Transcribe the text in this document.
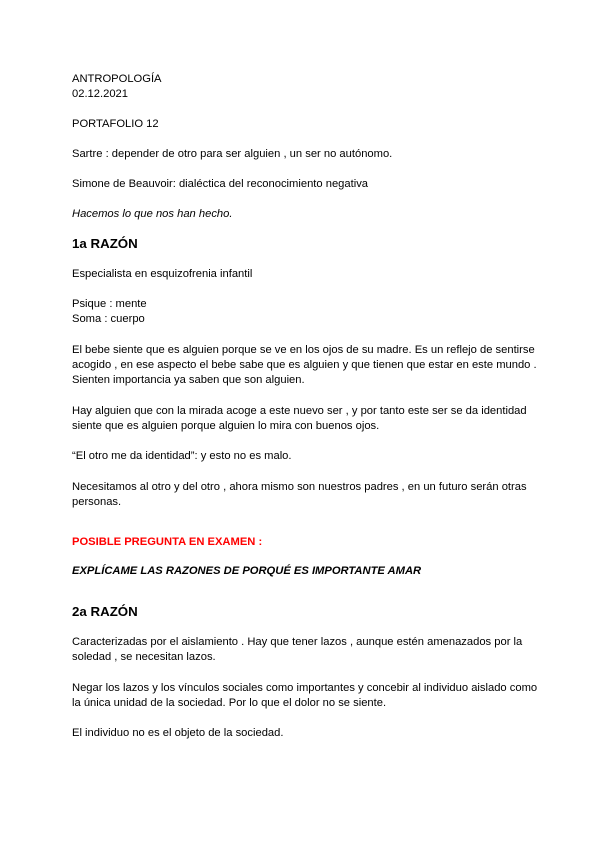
ANTROPOLOGÍA

02.12.2021

PORTAFOLIO 12

Sartre : depender de otro para ser alguien , un ser no autónomo.

Simone de Beauvoir: dialéctica del reconocimiento negativa

Hacemos lo que nos han hecho.

1a RAZÓN

Especialista en esquizofrenia infantil

Psique : mente

Soma : cuerpo

El bebe siente que es alguien porque se ve en los ojos de su madre. Es un reflejo de sentirse acogido , en ese aspecto el bebe sabe que es alguien y que tienen que estar en este mundo .

Sienten importancia ya saben que son alguien.

Hay alguien que con la mirada acoge a este nuevo ser , y por tanto este ser se da identidad siente que es alguien porque alguien lo mira con buenos ojos.

“El otro me da identidad”: y esto no es malo.

Necesitamos al otro y del otro , ahora mismo son nuestros padres , en un futuro serán otras personas.

POSIBLE PREGUNTA EN EXAMEN :

EXPLÍCAME LAS RAZONES DE PORQUÉ ES IMPORTANTE AMAR

2a RAZÓN

Caracterizadas por el aislamiento . Hay que tener lazos , aunque estén amenazados por la soledad , se necesitan lazos.

Negar los lazos y los vínculos sociales como importantes y concebir al individuo aislado como la única unidad de la sociedad. Por lo que el dolor no se siente.

El individuo no es el objeto de la sociedad.
